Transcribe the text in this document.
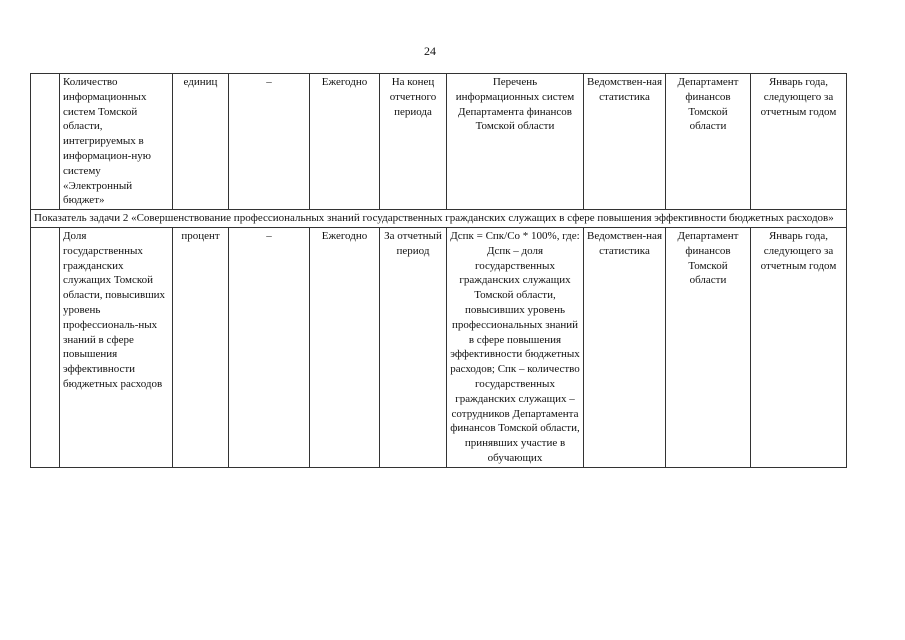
24
	Количество информационных систем Томской области, интегрируемых в информацион-ную систему «Электронный бюджет»	единиц	–	Ежегодно	На конец отчетного периода	Перечень информационных систем Департамента финансов Томской области	Ведомствен-ная статистика	Департамент финансов Томской области	Январь года, следующего за отчетным годом
Показатель задачи 2 «Совершенствование профессиональных знаний государственных гражданских служащих в сфере повышения эффективности бюджетных расходов»									
	Доля государственных гражданских служащих Томской области, повысивших уровень профессиональ-ных знаний в сфере повышения эффективности бюджетных расходов	процент	–	Ежегодно	За отчетный период	Дспк = Спк/Со * 100%, где: Дспк – доля государственных гражданских служащих Томской области, повысивших уровень профессиональных знаний в сфере повышения эффективности бюджетных расходов; Спк – количество государственных гражданских служащих – сотрудников Департамента финансов Томской области, принявших участие в обучающих	Ведомствен-ная статистика	Департамент финансов Томской области	Январь года, следующего за отчетным годом
